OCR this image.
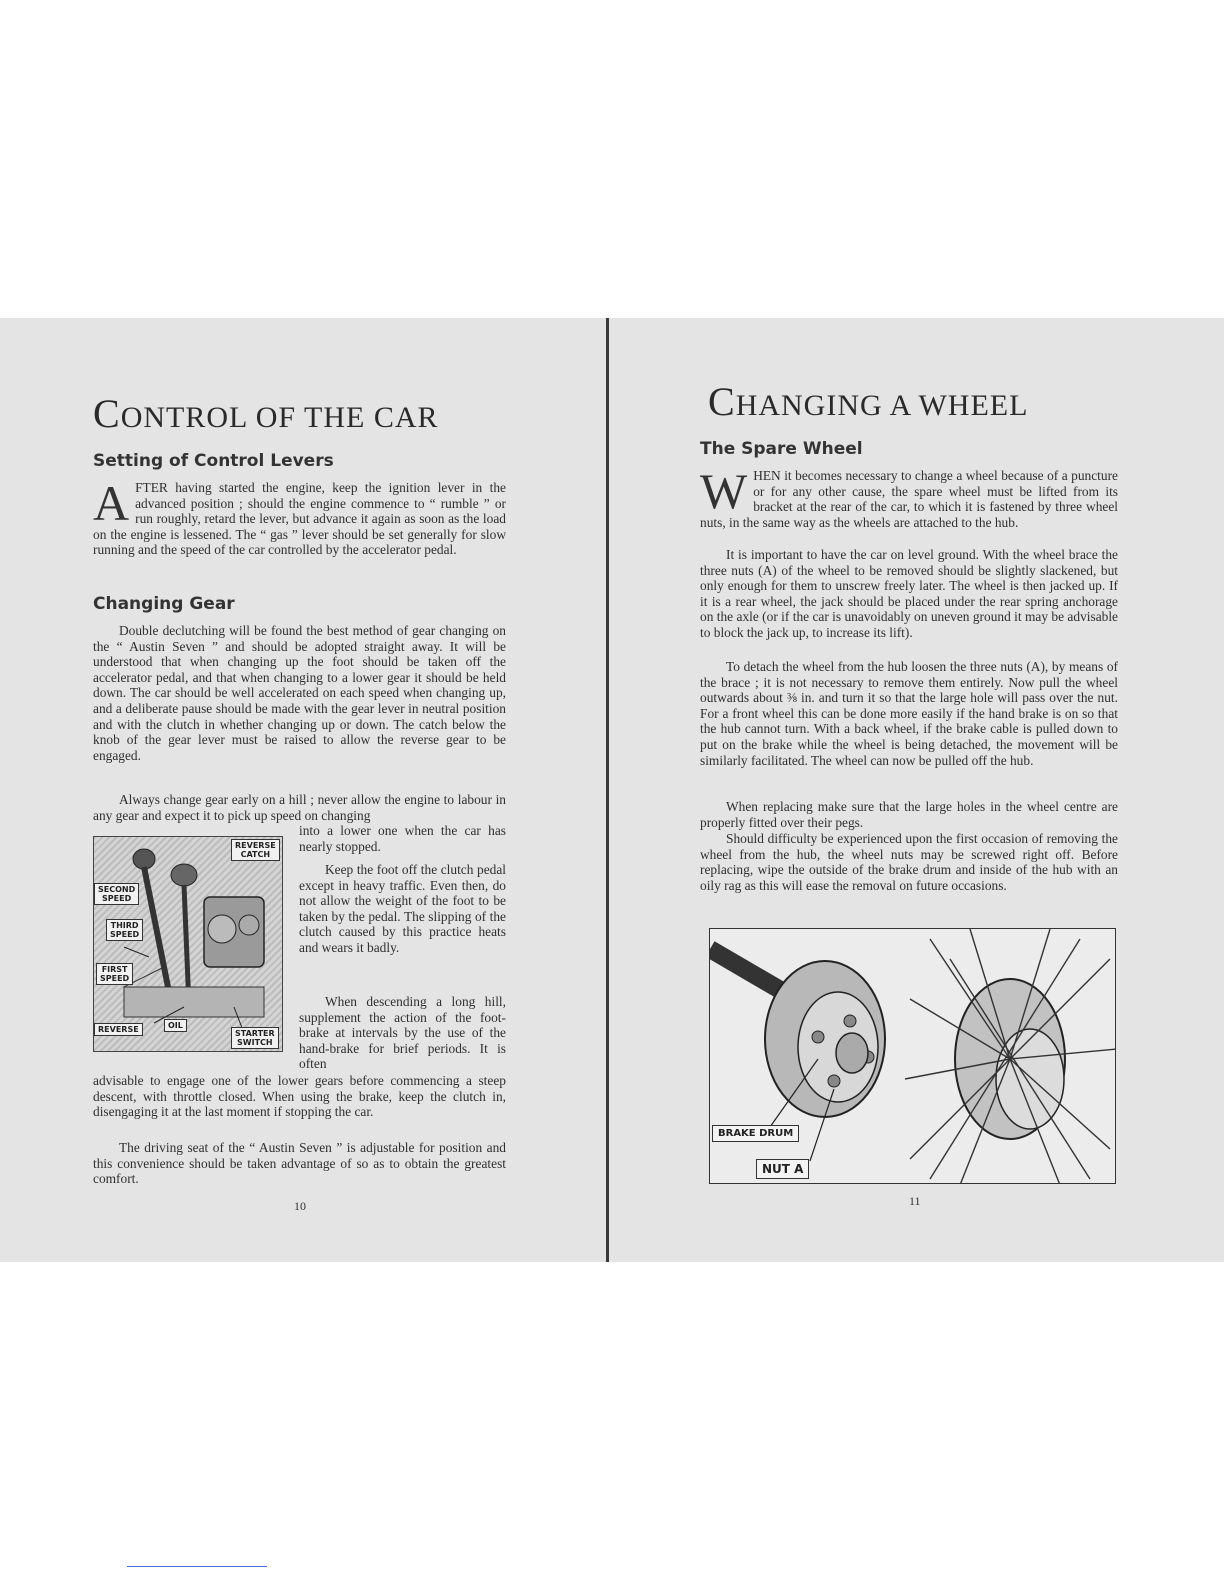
CONTROL OF THE CAR
Setting of Control Levers

AFTER having started the engine, keep the ignition lever in the advanced position ; should the engine commence to “ rumble ” or run roughly, retard the lever, but advance it again as soon as the load on the engine is lessened. The “ gas ” lever should be set generally for slow running and the speed of the car controlled by the accelerator pedal.

Changing Gear

Double declutching will be found the best method of gear changing on the “ Austin Seven ” and should be adopted straight away. It will be understood that when changing up the foot should be taken off the accelerator pedal, and that when changing to a lower gear it should be held down. The car should be well accelerated on each speed when changing up, and a deliberate pause should be made with the gear lever in neutral position and with the clutch in whether changing up or down. The catch below the knob of the gear lever must be raised to allow the reverse gear to be engaged.

Always change gear early on a hill ; never allow the engine to labour in any gear and expect it to pick up speed on changing

into a lower one when the car has nearly stopped.

Keep the foot off the clutch pedal except in heavy traffic. Even then, do not allow the weight of the foot to be taken by the pedal. The slipping of the clutch caused by this practice heats and wears it badly.

When descending a long hill, supplement the action of the foot-brake at intervals by the use of the hand-brake for brief periods. It is often

advisable to engage one of the lower gears before commencing a steep descent, with throttle closed. When using the brake, keep the clutch in, disengaging it at the last moment if stopping the car.

The driving seat of the “ Austin Seven ” is adjustable for position and this convenience should be taken advantage of so as to obtain the greatest comfort.

REVERSE
CATCH
SECOND
SPEED
THIRD
SPEED
FIRST
SPEED
REVERSE	OIL
STARTER
SWITCH
10
CHANGING A WHEEL
The Spare Wheel

WHEN it becomes necessary to change a wheel because of a puncture or for any other cause, the spare wheel must be lifted from its bracket at the rear of the car, to which it is fastened by three wheel nuts, in the same way as the wheels are attached to the hub.

It is important to have the car on level ground. With the wheel brace the three nuts (A) of the wheel to be removed should be slightly slackened, but only enough for them to unscrew freely later. The wheel is then jacked up. If it is a rear wheel, the jack should be placed under the rear spring anchorage on the axle (or if the car is unavoidably on uneven ground it may be advisable to block the jack up, to increase its lift).

To detach the wheel from the hub loosen the three nuts (A), by means of the brace ; it is not necessary to remove them entirely. Now pull the wheel outwards about ⅜ in. and turn it so that the large hole will pass over the nut. For a front wheel this can be done more easily if the hand brake is on so that the hub cannot turn. With a back wheel, if the brake cable is pulled down to put on the brake while the wheel is being detached, the movement will be similarly facilitated. The wheel can now be pulled off the hub.

When replacing make sure that the large holes in the wheel centre are properly fitted over their pegs.

Should difficulty be experienced upon the first occasion of removing the wheel from the hub, the wheel nuts may be screwed right off. Before replacing, wipe the outside of the brake drum and inside of the hub with an oily rag as this will ease the removal on future occasions.

BRAKE DRUM
NUT A
11
